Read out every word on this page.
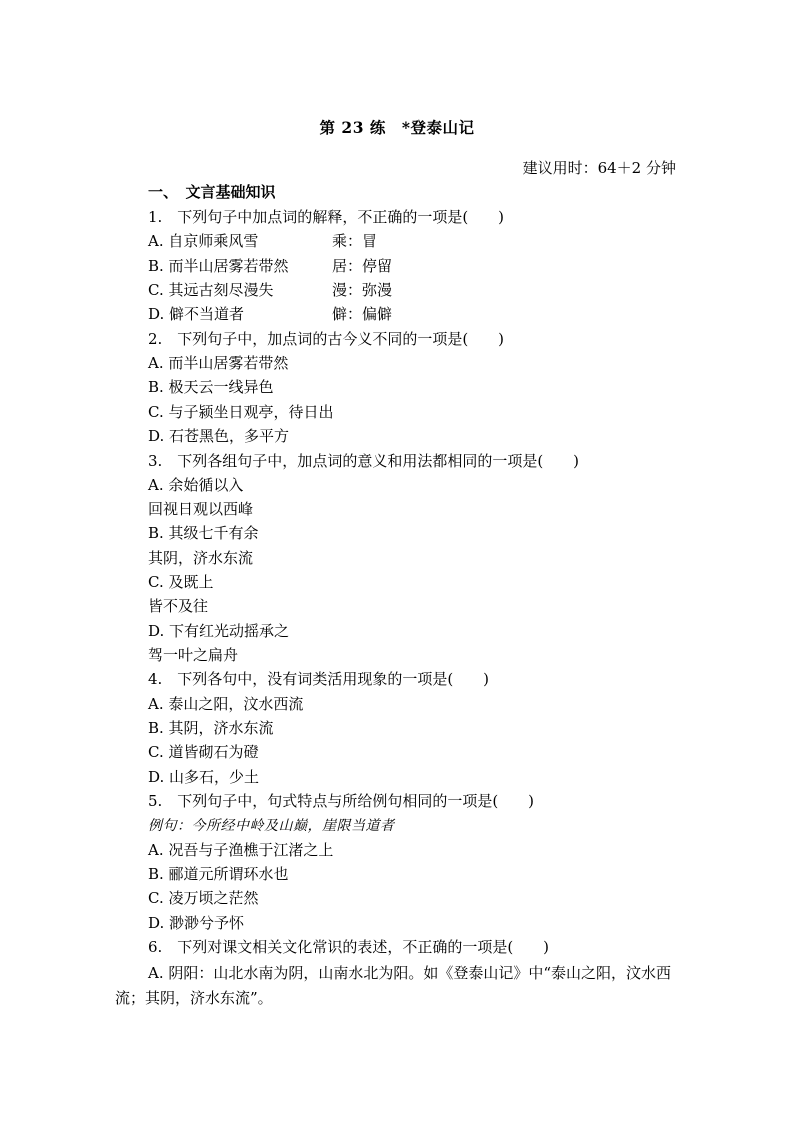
第 23 练　*登泰山记
建议用时：64＋2 分钟
一、　文言基础知识
1.　下列句子中加点词的解释，不正确的一项是(　　)
A. 自京师乘风雪	乘：冒
B. 而半山居雾若带然	居：停留
C. 其远古刻尽漫失	漫：弥漫
D. 僻不当道者	僻：偏僻
2.　下列句子中，加点词的古今义不同的一项是(　　)
A. 而半山居雾若带然
B. 极天云一线异色
C. 与子颍坐日观亭，待日出
D. 石苍黑色，多平方
3.　下列各组句子中，加点词的意义和用法都相同的一项是(　　)
A. 余始循以入
回视日观以西峰
B. 其级七千有余
其阴，济水东流
C. 及既上
皆不及往
D. 下有红光动摇承之
驾一叶之扁舟
4.　下列各句中，没有词类活用现象的一项是(　　)
A. 泰山之阳，汶水西流
B. 其阴，济水东流
C. 道皆砌石为磴
D. 山多石，少土
5.　下列句子中，句式特点与所给例句相同的一项是(　　)
例句：今所经中岭及山巅，崖限当道者
A. 况吾与子渔樵于江渚之上
B. 郦道元所谓环水也
C. 凌万顷之茫然
D. 渺渺兮予怀
6.　下列对课文相关文化常识的表述，不正确的一项是(　　)
A. 阴阳：山北水南为阴，山南水北为阳。如《登泰山记》中“泰山之阳，汶水西流；其阴，济水东流”。
